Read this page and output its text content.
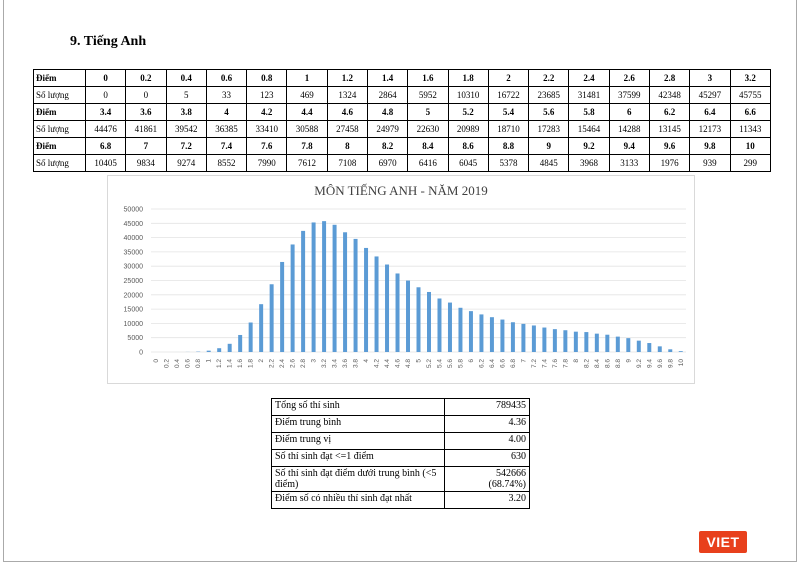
9. Tiếng Anh
Điểm	0	0.2	0.4	0.6	0.8	1	1.2	1.4	1.6	1.8	2	2.2	2.4	2.6	2.8	3	3.2
Số lượng	0	0	5	33	123	469	1324	2864	5952	10310	16722	23685	31481	37599	42348	45297	45755
Điểm	3.4	3.6	3.8	4	4.2	4.4	4.6	4.8	5	5.2	5.4	5.6	5.8	6	6.2	6.4	6.6
Số lượng	44476	41861	39542	36385	33410	30588	27458	24979	22630	20989	18710	17283	15464	14288	13145	12173	11343
Điểm	6.8	7	7.2	7.4	7.6	7.8	8	8.2	8.4	8.6	8.8	9	9.2	9.4	9.6	9.8	10
Số lượng	10405	9834	9274	8552	7990	7612	7108	6970	6416	6045	5378	4845	3968	3133	1976	939	299
MÔN TIẾNG ANH - NĂM 2019
0
5000
10000
15000
20000
25000
30000
35000
40000
45000
50000
0 0.2 0.4 0.6 0.8 1 1.2 1.4 1.6 1.8 2 2.2 2.4 2.6 2.8 3 3.2 3.4 3.6 3.8 4 4.2 4.4 4.6 4.8 5 5.2 5.4 5.6 5.8 6 6.2 6.4 6.6 6.8 7 7.2 7.4 7.6 7.8 8 8.2 8.4 8.6 8.8 9 9.2 9.4 9.6 9.8 10
Tổng số thí sinh	789435

Điểm trung bình	4.36

Điểm trung vị	4.00

Số thí sinh đạt <=1 điểm	630

Số thí sinh đạt điểm dưới trung bình (<5 điểm)	542666
(68.74%)

Điểm số có nhiều thí sinh đạt nhất	3.20
VIET
